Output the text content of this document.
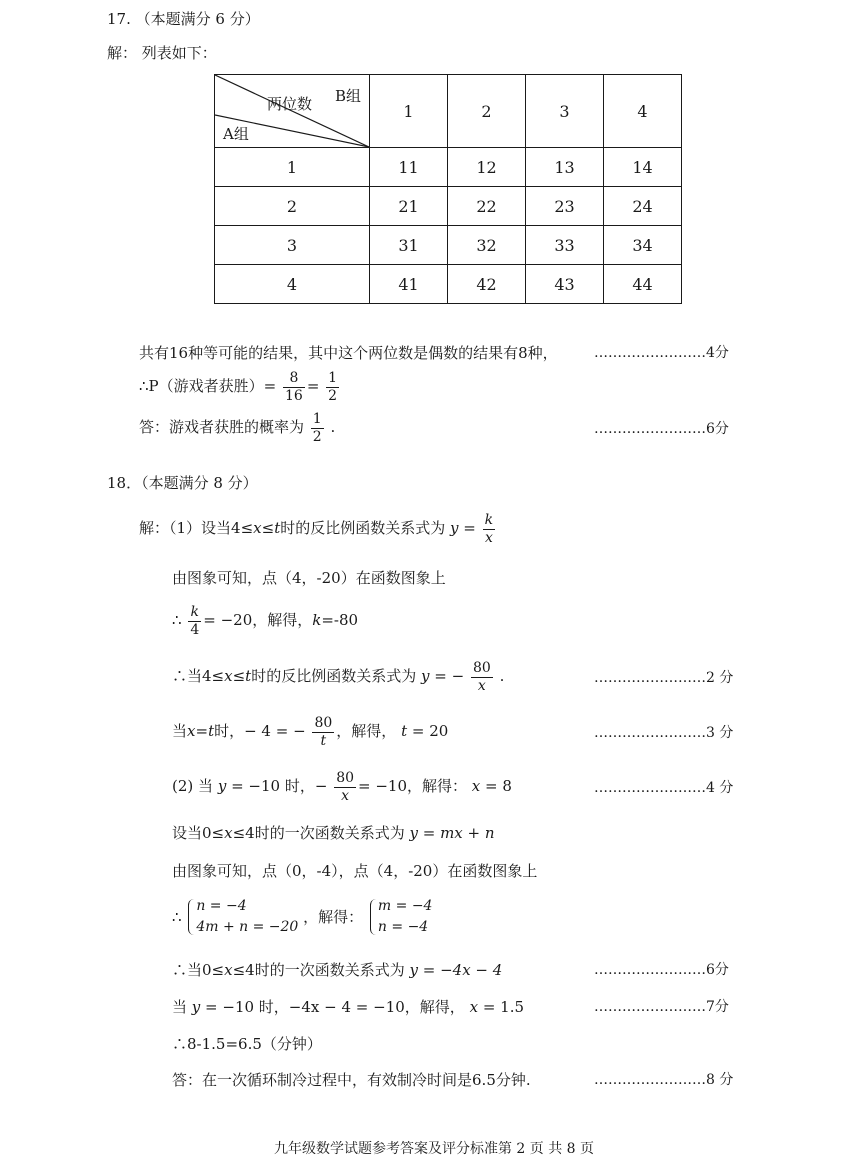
17. （本题满分 6 分）
解： 列表如下：
B组
两位数
A组	1	2	3	4
1	11	12	13	14
2	21	22	23	24
3	31	32	33	34
4	41	42	43	44
共有16种等可能的结果，其中这个两位数是偶数的结果有8种，	……………………4分
∴P（游戏者获胜）= $\frac{8}{16} = \frac{1}{2}$
答：游戏者获胜的概率为 $\frac{1}{2}$ .	……………………6分
18．（本题满分 8 分）
解：（1）设当4≤x≤t时的反比例函数关系式为 $y = \frac{k}{x}$
由图象可知，点（4，-20）在函数图象上
∴ $\frac{k}{4} = -20$，解得，k=-80
∴当4≤x≤t时的反比例函数关系式为 y = − $\frac{80}{x}$ .	……………………2 分
当x=t时，− 4 = − $\frac{80}{t}$ ，解得， t = 20	……………………3 分
(2) 当 y = −10 时，− $\frac{80}{x} = -10$，解得： x = 8	……………………4 分
设当0≤x≤4时的一次函数关系式为 y = mx + n
由图象可知，点（0，-4），点（4，-20）在函数图象上
∴
n = −4
4m + n = −20
，解得：
m = −4
n = −4
∴当0≤x≤4时的一次函数关系式为 y = −4x − 4	……………………6分
当 y = −10 时，−4x − 4 = −10，解得， x = 1.5	……………………7分
∴8-1.5=6.5（分钟）
答：在一次循环制冷过程中，有效制冷时间是6.5分钟.	……………………8 分
九年级数学试题参考答案及评分标准第 2 页 共 8 页
